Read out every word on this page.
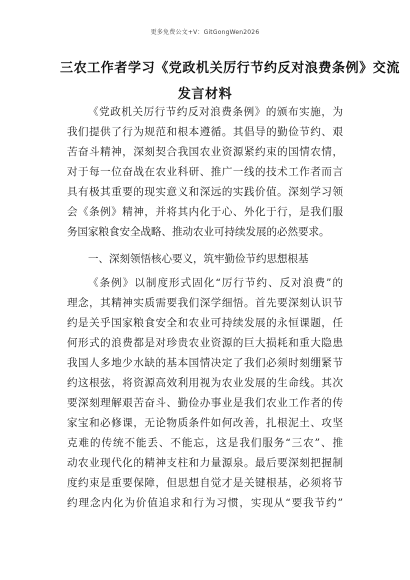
更多免费公文+V：GitGongWen2026
三农工作者学习《党政机关厉行节约反对浪费条例》交流
发言材料
《党政机关厉行节约反对浪费条例》的颁布实施，为
我们提供了行为规范和根本遵循。其倡导的勤俭节约、艰
苦奋斗精神，深刻契合我国农业资源紧约束的国情农情，
对于每一位奋战在农业科研、推广一线的技术工作者而言
具有极其重要的现实意义和深远的实践价值。深刻学习领
会《条例》精神，并将其内化于心、外化于行，是我们服
务国家粮食安全战略、推动农业可持续发展的必然要求。
一、深刻领悟核心要义，筑牢勤俭节约思想根基
《条例》以制度形式固化“厉行节约、反对浪费”的
理念，其精神实质需要我们深学细悟。首先要深刻认识节
约是关乎国家粮食安全和农业可持续发展的永恒课题，任
何形式的浪费都是对珍贵农业资源的巨大损耗和重大隐患
我国人多地少水缺的基本国情决定了我们必须时刻绷紧节
约这根弦，将资源高效利用视为农业发展的生命线。其次
要深刻理解艰苦奋斗、勤俭办事业是我们农业工作者的传
家宝和必修课，无论物质条件如何改善，扎根泥土、攻坚
克难的传统不能丢、不能忘，这是我们服务“三农”、推
动农业现代化的精神支柱和力量源泉。最后要深刻把握制
度约束是重要保障，但思想自觉才是关键根基，必须将节
约理念内化为价值追求和行为习惯，实现从“要我节约”
